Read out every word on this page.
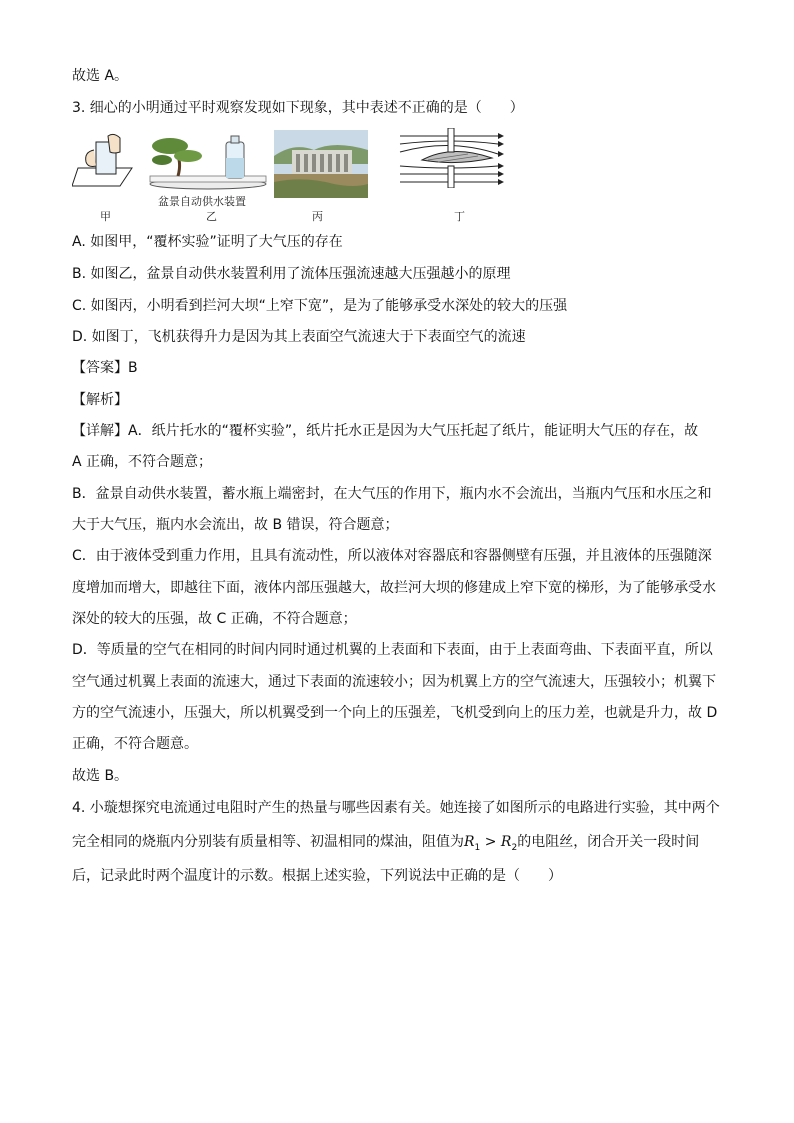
故选 A。
3. 细心的小明通过平时观察发现如下现象，其中表述不正确的是（　　）
甲
盆景自动供水装置
乙	丙	丁
A. 如图甲，“覆杯实验”证明了大气压的存在
B. 如图乙，盆景自动供水装置利用了流体压强流速越大压强越小的原理
C. 如图丙，小明看到拦河大坝“上窄下宽”，是为了能够承受水深处的较大的压强
D. 如图丁，飞机获得升力是因为其上表面空气流速大于下表面空气的流速
【答案】B
【解析】
【详解】A．纸片托水的“覆杯实验”，纸片托水正是因为大气压托起了纸片，能证明大气压的存在，故
A 正确，不符合题意；
B．盆景自动供水装置，蓄水瓶上端密封，在大气压的作用下，瓶内水不会流出，当瓶内气压和水压之和
大于大气压，瓶内水会流出，故 B 错误，符合题意；
C．由于液体受到重力作用，且具有流动性，所以液体对容器底和容器侧壁有压强，并且液体的压强随深
度增加而增大，即越往下面，液体内部压强越大，故拦河大坝的修建成上窄下宽的梯形，为了能够承受水
深处的较大的压强，故 C 正确，不符合题意；
D．等质量的空气在相同的时间内同时通过机翼的上表面和下表面，由于上表面弯曲、下表面平直，所以
空气通过机翼上表面的流速大，通过下表面的流速较小；因为机翼上方的空气流速大，压强较小；机翼下
方的空气流速小，压强大，所以机翼受到一个向上的压强差，飞机受到向上的压力差，也就是升力，故 D
正确，不符合题意。
故选 B。
4. 小璇想探究电流通过电阻时产生的热量与哪些因素有关。她连接了如图所示的电路进行实验，其中两个
完全相同的烧瓶内分别装有质量相等、初温相同的煤油，阻值为$R_1 > R_2$的电阻丝，闭合开关一段时间
后，记录此时两个温度计的示数。根据上述实验，下列说法中正确的是（　　）
